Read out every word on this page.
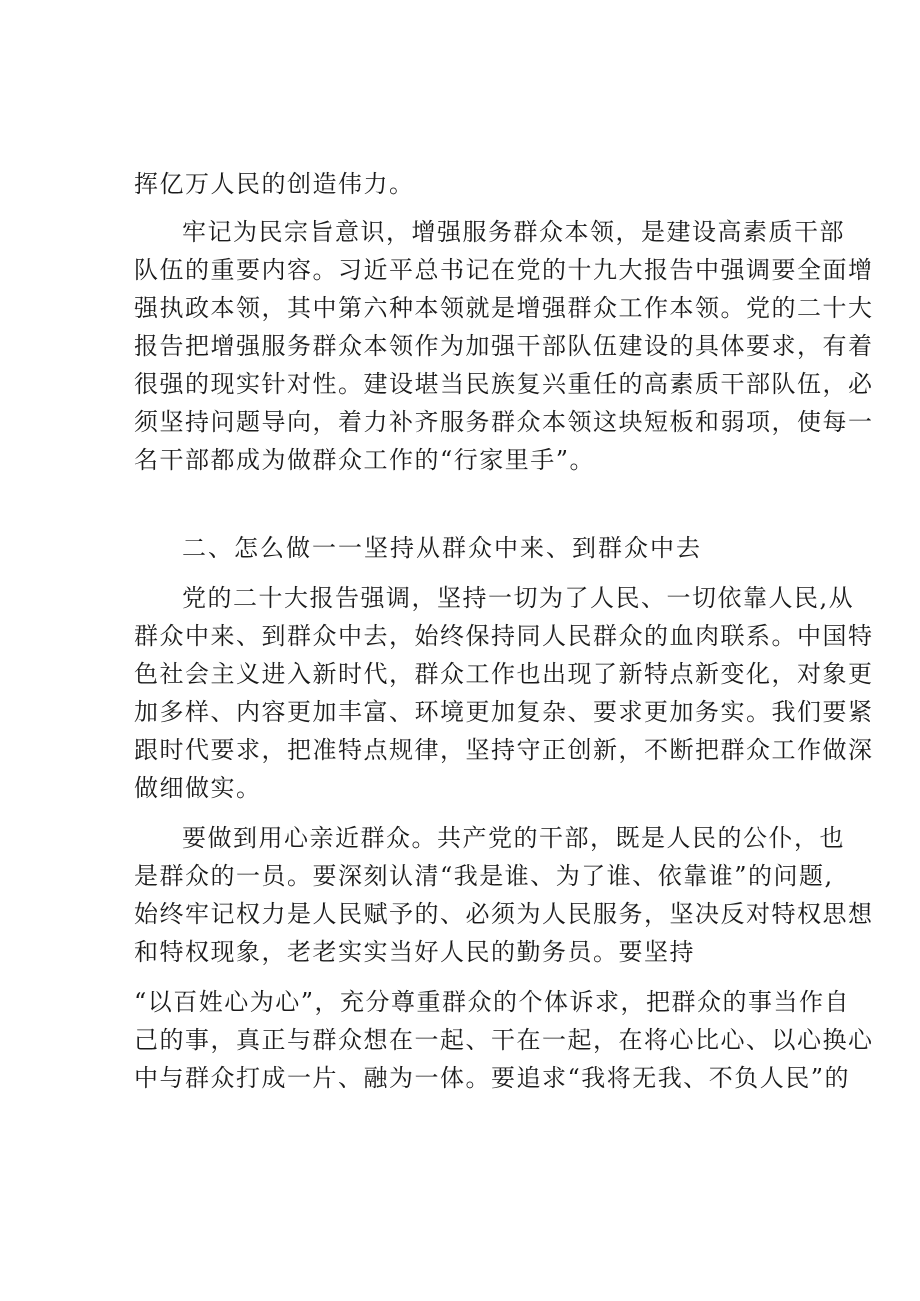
挥亿万人民的创造伟力。
牢记为民宗旨意识，增强服务群众本领，是建设高素质干部
队伍的重要内容。习近平总书记在党的十九大报告中强调要全面增
强执政本领，其中第六种本领就是增强群众工作本领。党的二十大
报告把增强服务群众本领作为加强干部队伍建设的具体要求，有着
很强的现实针对性。建设堪当民族复兴重任的高素质干部队伍，必
须坚持问题导向，着力补齐服务群众本领这块短板和弱项，使每一
名干部都成为做群众工作的“行家里手”。
二、怎么做一一坚持从群众中来、到群众中去
党的二十大报告强调，坚持一切为了人民、一切依靠人民,从
群众中来、到群众中去，始终保持同人民群众的血肉联系。中国特
色社会主义进入新时代，群众工作也出现了新特点新变化，对象更
加多样、内容更加丰富、环境更加复杂、要求更加务实。我们要紧
跟时代要求，把准特点规律，坚持守正创新，不断把群众工作做深
做细做实。
要做到用心亲近群众。共产党的干部，既是人民的公仆，也
是群众的一员。要深刻认清“我是谁、为了谁、依靠谁”的问题,
始终牢记权力是人民赋予的、必须为人民服务，坚决反对特权思想
和特权现象，老老实实当好人民的勤务员。要坚持
“以百姓心为心”，充分尊重群众的个体诉求，把群众的事当作自
己的事，真正与群众想在一起、干在一起，在将心比心、以心换心
中与群众打成一片、融为一体。要追求“我将无我、不负人民”的
